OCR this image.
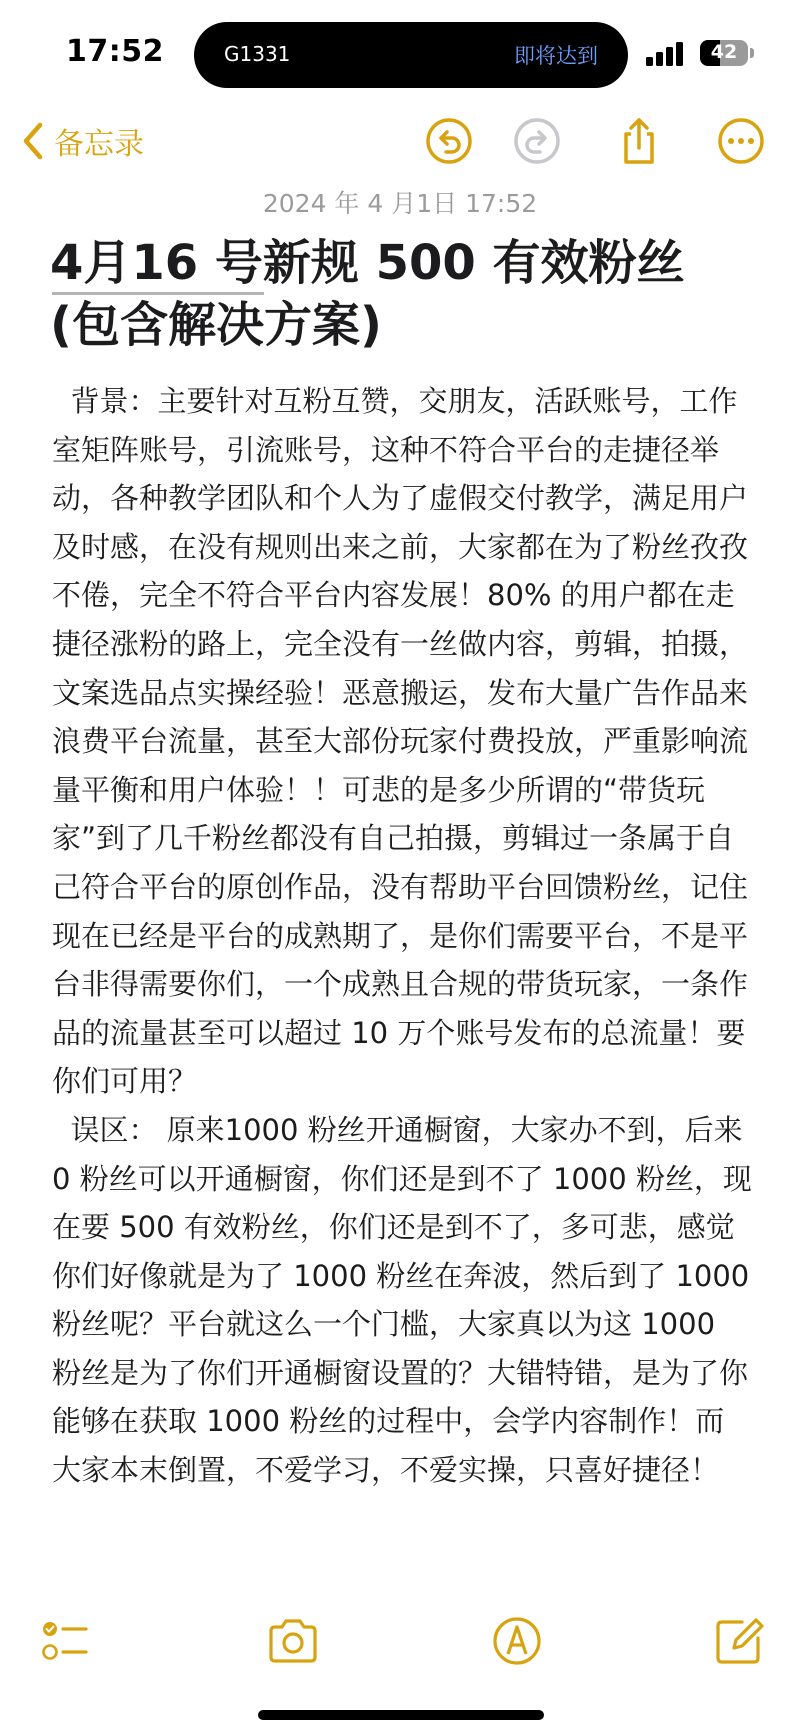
17:52	G1331	即将达到	42
备忘录
2024 年 4 月1日 17:52
4月16 号新规 500 有效粉丝
(包含解决方案)

背景：主要针对互粉互赞，交朋友，活跃账号，工作室矩阵账号，引流账号，这种不符合平台的走捷径举动，各种教学团队和个人为了虚假交付教学，满足用户及时感，在没有规则出来之前，大家都在为了粉丝孜孜不倦，完全不符合平台内容发展！80% 的用户都在走捷径涨粉的路上，完全没有一丝做内容，剪辑，拍摄，文案选品点实操经验！恶意搬运，发布大量广告作品来浪费平台流量，甚至大部份玩家付费投放，严重影响流量平衡和用户体验！！可悲的是多少所谓的“带货玩家”到了几千粉丝都没有自己拍摄，剪辑过一条属于自己符合平台的原创作品，没有帮助平台回馈粉丝，记住现在已经是平台的成熟期了，是你们需要平台，不是平台非得需要你们，一个成熟且合规的带货玩家，一条作品的流量甚至可以超过 10 万个账号发布的总流量！要你们可用？

误区： 原来1000 粉丝开通橱窗，大家办不到，后来 0 粉丝可以开通橱窗，你们还是到不了 1000 粉丝，现在要 500 有效粉丝，你们还是到不了，多可悲，感觉你们好像就是为了 1000 粉丝在奔波，然后到了 1000 粉丝呢？平台就这么一个门槛，大家真以为这 1000 粉丝是为了你们开通橱窗设置的？大错特错，是为了你能够在获取 1000 粉丝的过程中，会学内容制作！而大家本末倒置，不爱学习，不爱实操，只喜好捷径！
